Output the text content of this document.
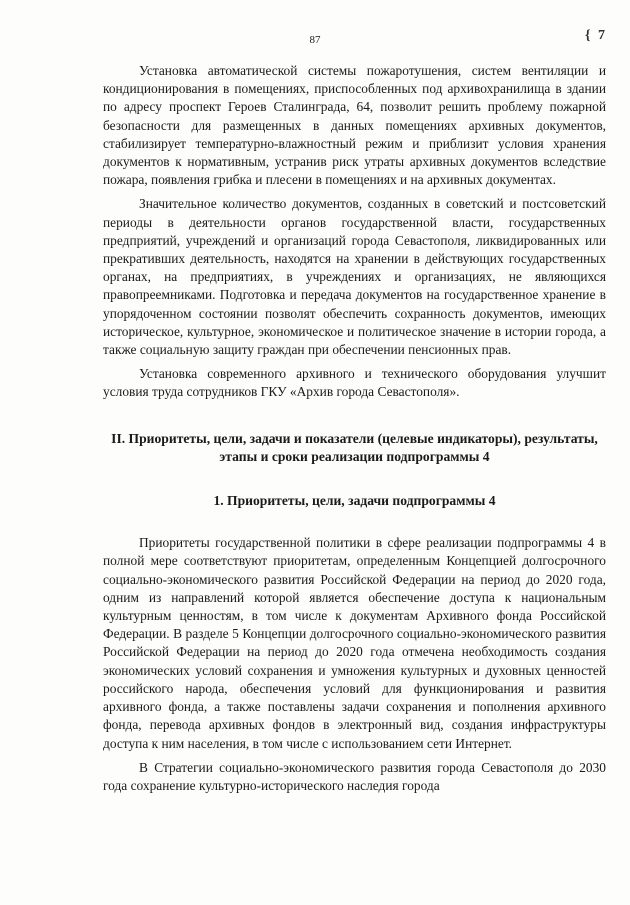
87	{ 7

Установка автоматической системы пожаротушения, систем вентиляции и кондиционирования в помещениях, приспособленных под архивохранилища в здании по адресу проспект Героев Сталинграда, 64, позволит решить проблему пожарной безопасности для размещенных в данных помещениях архивных документов, стабилизирует температурно-влажностный режим и приблизит условия хранения документов к нормативным, устранив риск утраты архивных документов вследствие пожара, появления грибка и плесени в помещениях и на архивных документах.

Значительное количество документов, созданных в советский и постсоветский периоды в деятельности органов государственной власти, государственных предприятий, учреждений и организаций города Севастополя, ликвидированных или прекративших деятельность, находятся на хранении в действующих государственных органах, на предприятиях, в учреждениях и организациях, не являющихся правопреемниками. Подготовка и передача документов на государственное хранение в упорядоченном состоянии позволят обеспечить сохранность документов, имеющих историческое, культурное, экономическое и политическое значение в истории города, а также социальную защиту граждан при обеспечении пенсионных прав.

Установка современного архивного и технического оборудования улучшит условия труда сотрудников ГКУ «Архив города Севастополя».

II. Приоритеты, цели, задачи и показатели (целевые индикаторы), результаты, этапы и сроки реализации подпрограммы 4

1. Приоритеты, цели, задачи подпрограммы 4

Приоритеты государственной политики в сфере реализации подпрограммы 4 в полной мере соответствуют приоритетам, определенным Концепцией долгосрочного социально-экономического развития Российской Федерации на период до 2020 года, одним из направлений которой является обеспечение доступа к национальным культурным ценностям, в том числе к документам Архивного фонда Российской Федерации. В разделе 5 Концепции долгосрочного социально-экономического развития Российской Федерации на период до 2020 года отмечена необходимость создания экономических условий сохранения и умножения культурных и духовных ценностей российского народа, обеспечения условий для функционирования и развития архивного фонда, а также поставлены задачи сохранения и пополнения архивного фонда, перевода архивных фондов в электронный вид, создания инфраструктуры доступа к ним населения, в том числе с использованием сети Интернет.

В Стратегии социально-экономического развития города Севастополя до 2030 года сохранение культурно-исторического наследия города
